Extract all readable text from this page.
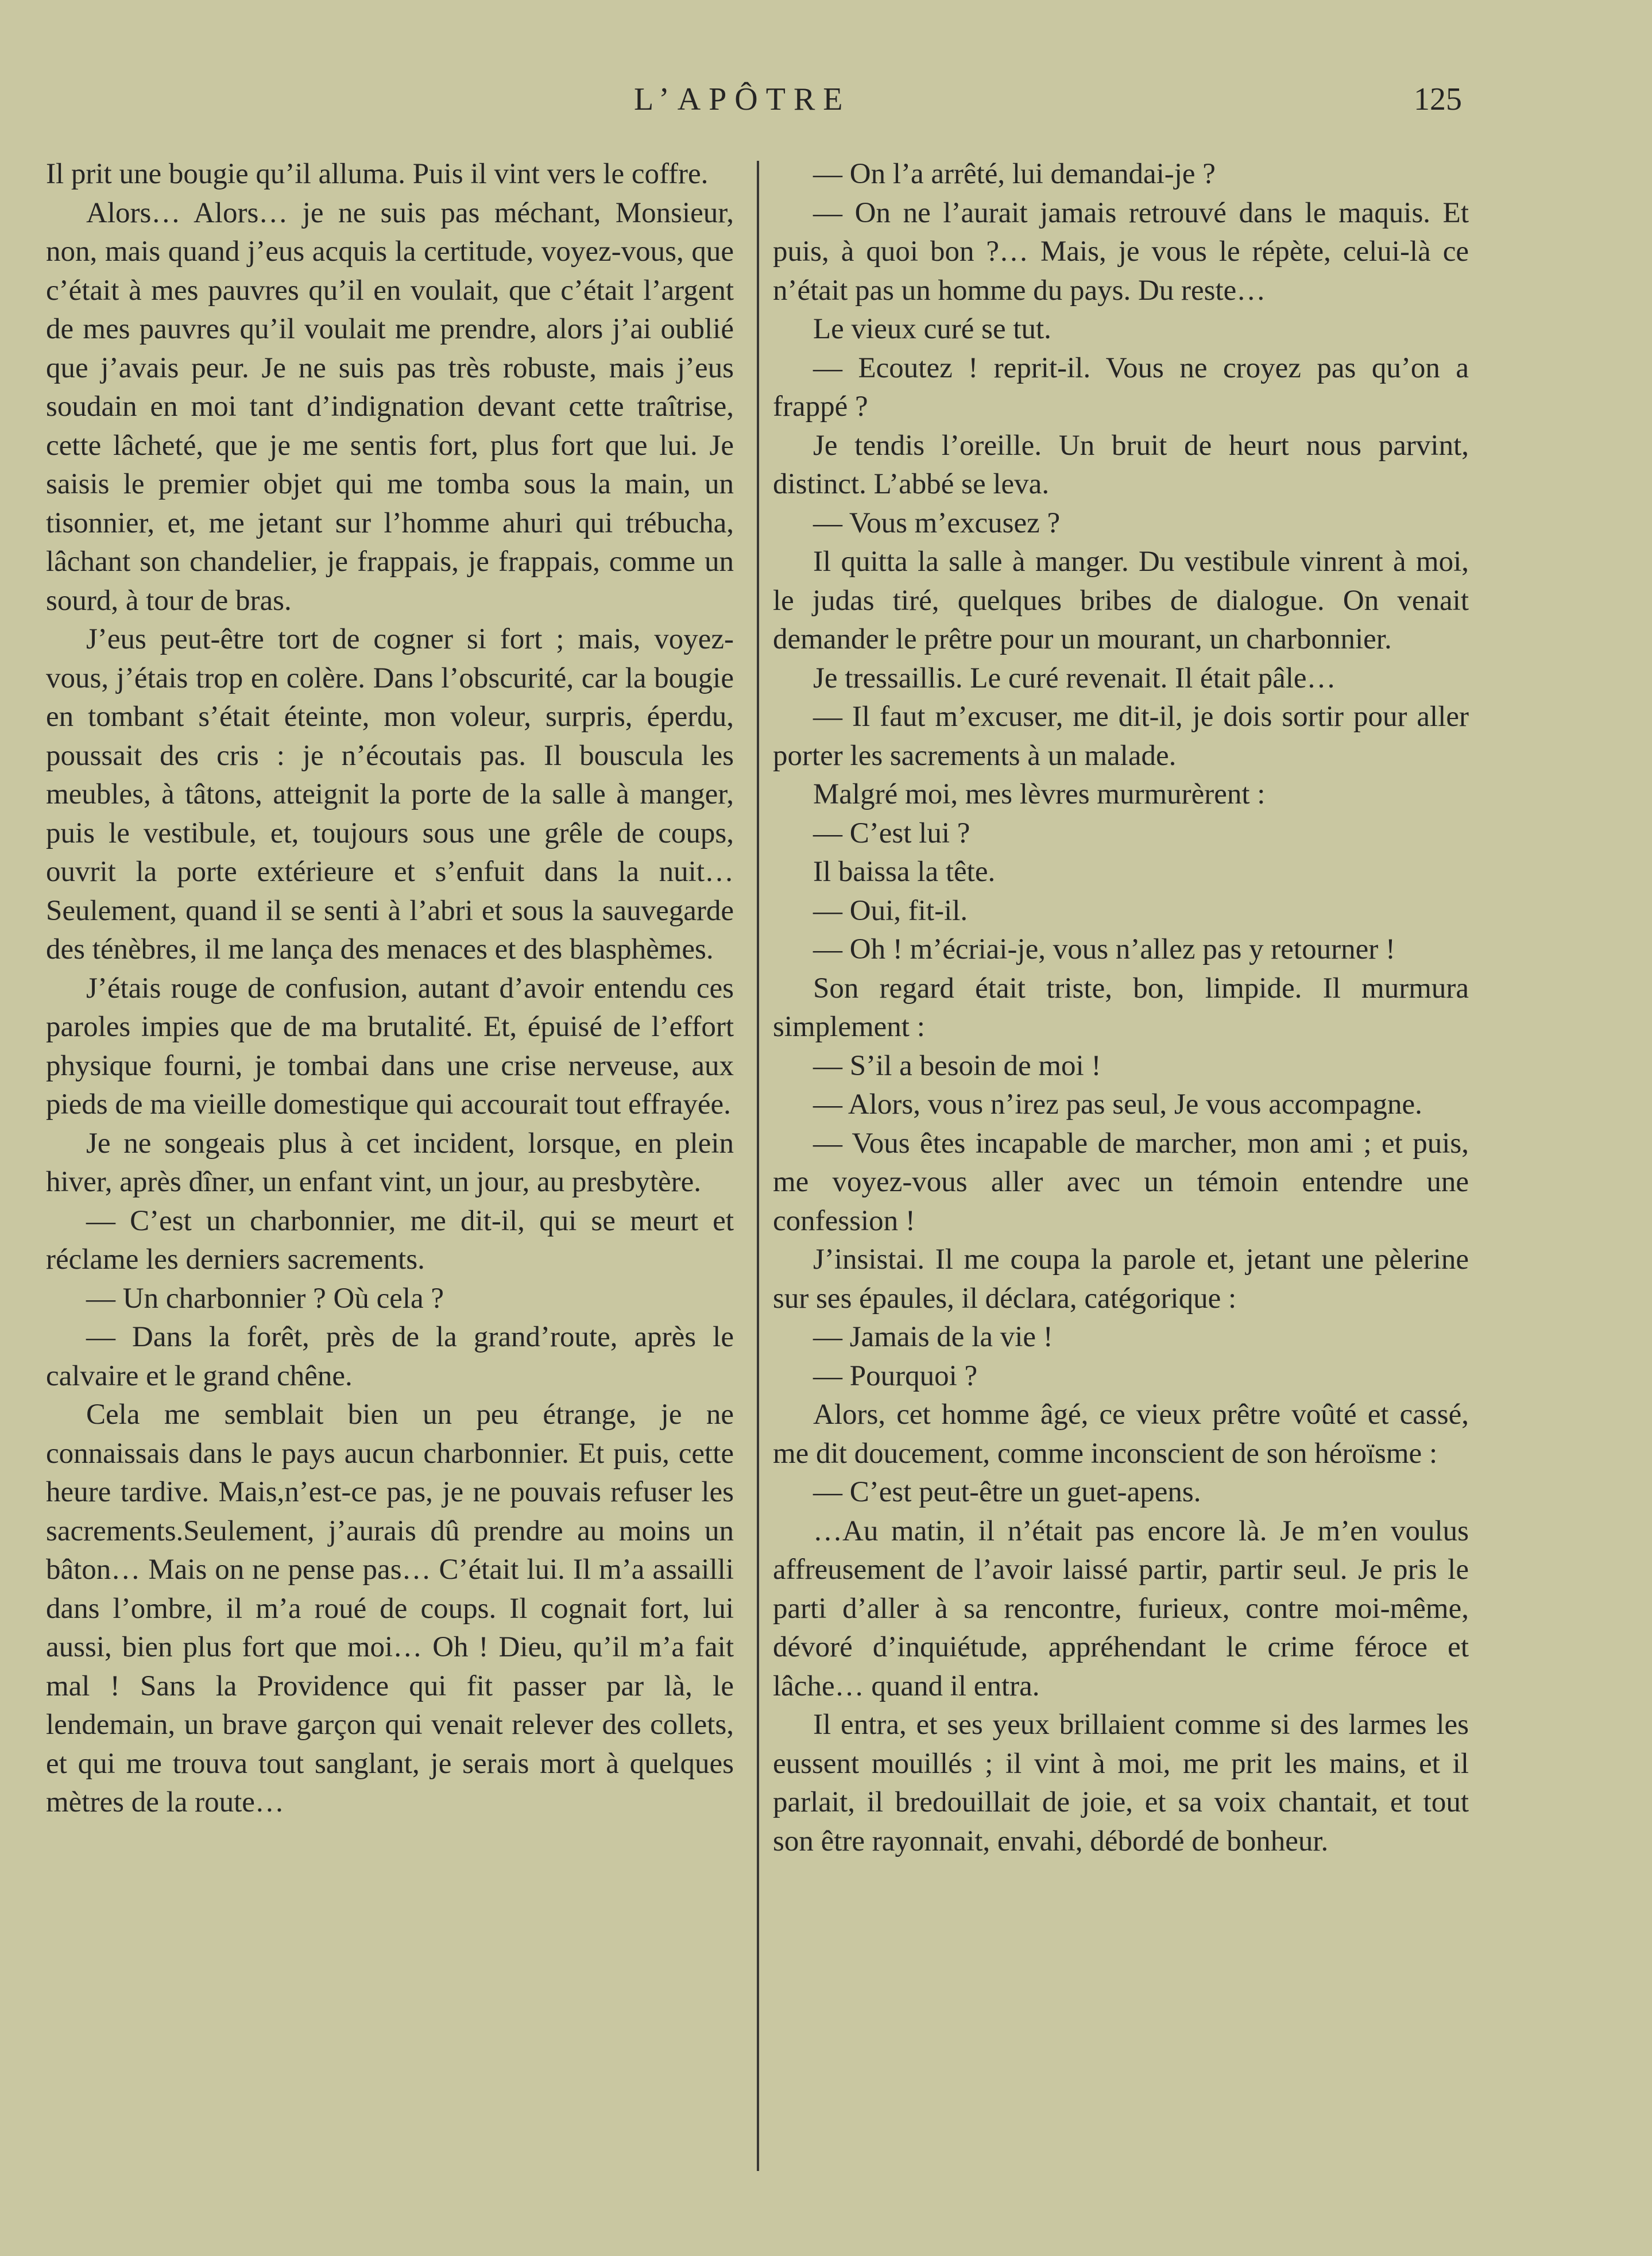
L’APÔTRE	125

Il prit une bougie qu’il alluma. Puis il vint vers le coffre.

Alors… Alors… je ne suis pas méchant, Monsieur, non, mais quand j’eus acquis la certitude, voyez-vous, que c’était à mes pauvres qu’il en voulait, que c’était l’argent de mes pauvres qu’il voulait me prendre, alors j’ai oublié que j’avais peur. Je ne suis pas très robuste, mais j’eus soudain en moi tant d’indignation devant cette traîtrise, cette lâcheté, que je me sentis fort, plus fort que lui. Je saisis le premier objet qui me tomba sous la main, un tisonnier, et, me jetant sur l’homme ahuri qui trébucha, lâchant son chandelier, je frappais, je frappais, comme un sourd, à tour de bras.

J’eus peut-être tort de cogner si fort ; mais, voyez-vous, j’étais trop en colère. Dans l’obscurité, car la bougie en tombant s’était éteinte, mon voleur, surpris, éperdu, poussait des cris : je n’écoutais pas. Il bouscula les meubles, à tâtons, atteignit la porte de la salle à manger, puis le vestibule, et, toujours sous une grêle de coups, ouvrit la porte extérieure et s’enfuit dans la nuit… Seulement, quand il se senti à l’abri et sous la sauvegarde des ténèbres, il me lança des menaces et des blasphèmes.

J’étais rouge de confusion, autant d’avoir entendu ces paroles impies que de ma brutalité. Et, épuisé de l’effort physique fourni, je tombai dans une crise nerveuse, aux pieds de ma vieille domestique qui accourait tout effrayée.

Je ne songeais plus à cet incident, lorsque, en plein hiver, après dîner, un enfant vint, un jour, au presbytère.

— C’est un charbonnier, me dit-il, qui se meurt et réclame les derniers sacrements.

— Un charbonnier ? Où cela ?

— Dans la forêt, près de la grand’route, après le calvaire et le grand chêne.

Cela me semblait bien un peu étrange, je ne connaissais dans le pays aucun charbonnier. Et puis, cette heure tardive. Mais,n’est-ce pas, je ne pouvais refuser les sacrements.Seulement, j’aurais dû prendre au moins un bâton… Mais on ne pense pas… C’était lui. Il m’a assailli dans l’ombre, il m’a roué de coups. Il cognait fort, lui aussi, bien plus fort que moi… Oh ! Dieu, qu’il m’a fait mal ! Sans la Providence qui fit passer par là, le lendemain, un brave garçon qui venait relever des collets, et qui me trouva tout sanglant, je serais mort à quelques mètres de la route…

— On l’a arrêté, lui demandai-je ?

— On ne l’aurait jamais retrouvé dans le maquis. Et puis, à quoi bon ?… Mais, je vous le répète, celui-là ce n’était pas un homme du pays. Du reste…

Le vieux curé se tut.

— Ecoutez ! reprit-il. Vous ne croyez pas qu’on a frappé ?

Je tendis l’oreille. Un bruit de heurt nous parvint, distinct. L’abbé se leva.

— Vous m’excusez ?

Il quitta la salle à manger. Du vestibule vinrent à moi, le judas tiré, quelques bribes de dialogue. On venait demander le prêtre pour un mourant, un charbonnier.

Je tressaillis. Le curé revenait. Il était pâle…

— Il faut m’excuser, me dit-il, je dois sortir pour aller porter les sacrements à un malade.

Malgré moi, mes lèvres murmurèrent :

— C’est lui ?

Il baissa la tête.

— Oui, fit-il.

— Oh ! m’écriai-je, vous n’allez pas y retourner !

Son regard était triste, bon, limpide. Il murmura simplement :

— S’il a besoin de moi !

— Alors, vous n’irez pas seul, Je vous accompagne.

— Vous êtes incapable de marcher, mon ami ; et puis, me voyez-vous aller avec un témoin entendre une confession !

J’insistai. Il me coupa la parole et, jetant une pèlerine sur ses épaules, il déclara, catégorique :

— Jamais de la vie !

— Pourquoi ?

Alors, cet homme âgé, ce vieux prêtre voûté et cassé, me dit doucement, comme inconscient de son héroïsme :

— C’est peut-être un guet-apens.

…Au matin, il n’était pas encore là. Je m’en voulus affreusement de l’avoir laissé partir, partir seul. Je pris le parti d’aller à sa rencontre, furieux, contre moi-même, dévoré d’inquiétude, appréhendant le crime féroce et lâche… quand il entra.

Il entra, et ses yeux brillaient comme si des larmes les eussent mouillés ; il vint à moi, me prit les mains, et il parlait, il bredouillait de joie, et sa voix chantait, et tout son être rayonnait, envahi, débordé de bonheur.
